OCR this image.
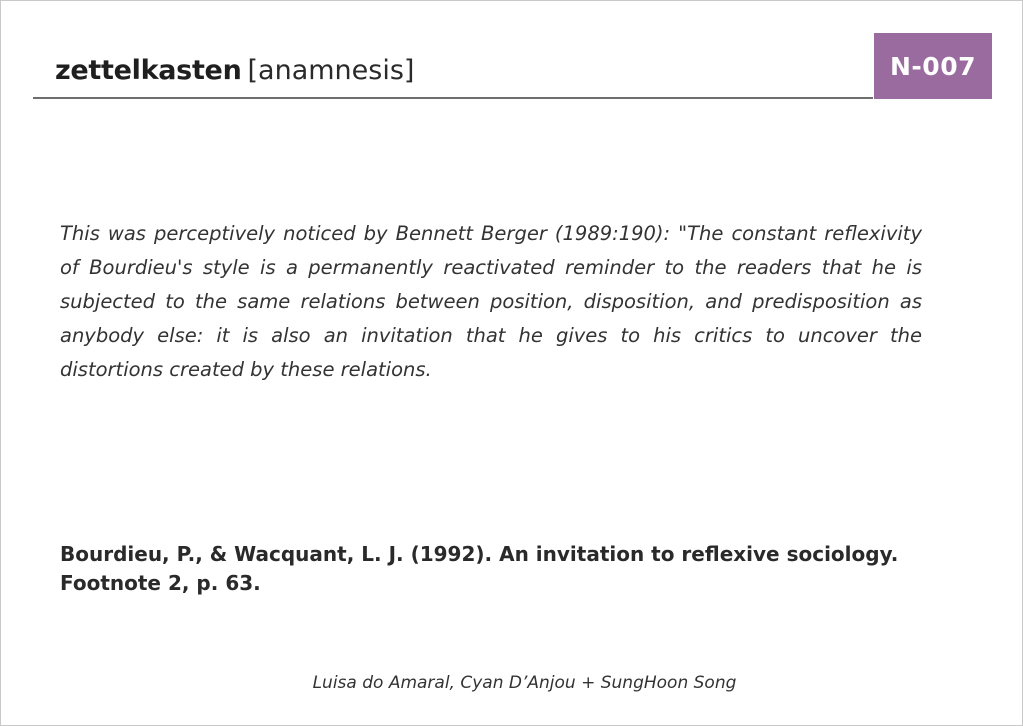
zettelkasten [anamnesis]	N-007

This was perceptively noticed by Bennett Berger (1989:190): "The constant reflexivity of Bourdieu's style is a permanently reactivated reminder to the readers that he is subjected to the same relations between position, disposition, and predisposition as anybody else: it is also an invitation that he gives to his critics to uncover the distortions created by these relations.

Bourdieu, P., & Wacquant, L. J. (1992). An invitation to reflexive sociology.
Footnote 2, p. 63.

Luisa do Amaral, Cyan D’Anjou + SungHoon Song
